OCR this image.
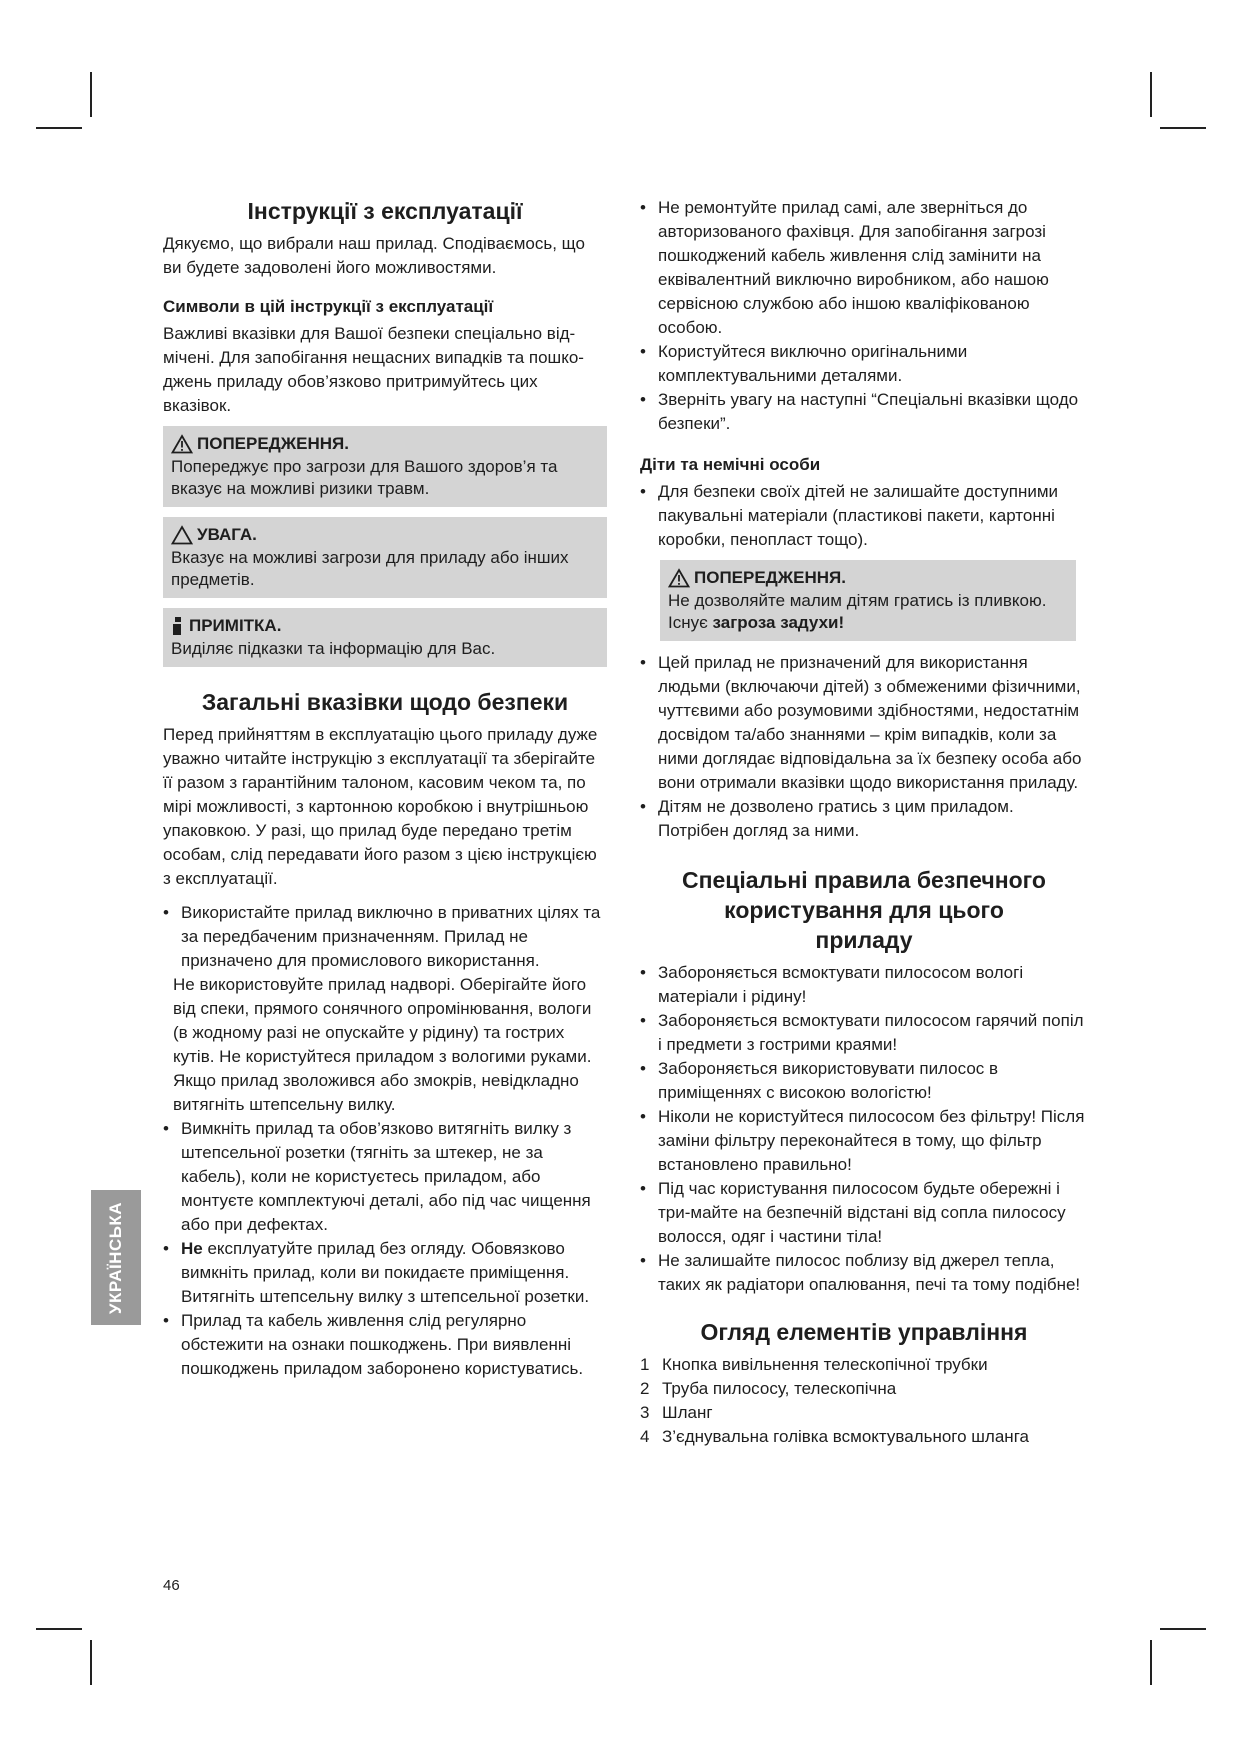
Інструкції з експлуатації

Дякуємо, що вибрали наш прилад. Сподіваємось, що ви будете задоволені його можливостями.

Символи в цій інструкції з експлуатації

Важливі вказівки для Вашої безпеки спеціально від-мічені. Для запобігання нещасних випадків та пошко-джень приладу обов’язково притримуйтесь цих вказівок.

ПОПЕРЕДЖЕННЯ.

Попереджує про загрози для Вашого здоров’я та вказує на можливі ризики травм.

УВАГА.

Вказує на можливі загрози для приладу або інших предметів.

ПРИМІТКА.

Виділяє підказки та інформацію для Вас.

Загальні вказівки щодо безпеки

Перед прийняттям в експлуатацію цього приладу дуже уважно читайте інструкцію з експлуатації та зберігайте її разом з гарантійним талоном, касовим чеком та, по мірі можливості, з картонною коробкою і внутрішньою упаковкою. У разі, що прилад буде передано третім особам, слід передавати його разом з цією інструкцією з експлуатації.

• Використайте прилад виключно в приватних цілях та за передбаченим призначенням. Прилад не призначено для промислового використання.
Не використовуйте прилад надворі. Оберігайте його від спеки, прямого сонячного опромінювання, вологи (в жодному разі не опускайте у рідину) та гострих кутів. Не користуйтеся приладом з вологими руками. Якщо прилад зволожився або змокрів, невідкладно витягніть штепсельну вилку.
• Вимкніть прилад та обов’язково витягніть вилку з штепсельної розетки (тягніть за штекер, не за кабель), коли не користуєтесь приладом, або монтуєте комплектуючі деталі, або під час чищення або при дефектах.
• Не експлуатуйте прилад без огляду. Обовязково вимкніть прилад, коли ви покидаєте приміщення. Витягніть штепсельну вилку з штепсельної розетки.
• Прилад та кабель живлення слід регулярно обстежити на ознаки пошкоджень. При виявленні пошкоджень приладом заборонено користуватись.
• Не ремонтуйте прилад самі, але зверніться до авторизованого фахівця. Для запобігання загрозі пошкоджений кабель живлення слід замінити на еквівалентний виключно виробником, або нашою сервісною службою або іншою кваліфікованою особою.
• Користуйтеся виключно оригінальними комплектувальними деталями.
• Зверніть увагу на наступні “Спеціальні вказівки щодо безпеки”.

Діти та немічні особи

• Для безпеки своїх дітей не залишайте доступними пакувальні матеріали (пластикові пакети, картонні коробки, пенопласт тощо).
ПОПЕРЕДЖЕННЯ.

Не дозволяйте малим дітям гратись із пливкою. Існує загроза задухи!

• Цей прилад не призначений для використання людьми (включаючи дітей) з обмеженими фізичними, чуттєвими або розумовими здібностями, недостатнім досвідом та/або знаннями – крім випадків, коли за ними доглядає відповідальна за їх безпеку особа або вони отримали вказівки щодо використання приладу.
• Дітям не дозволено гратись з цим приладом. Потрібен догляд за ними.

Спеціальні правила безпечного користування для цього приладу

• Забороняється всмоктувати пилососом вологі матеріали і рідину!
• Забороняється всмоктувати пилососом гарячий попіл і предмети з гострими краями!
• Забороняється використовувати пилосос в приміщеннях с високою вологістю!
• Ніколи не користуйтеся пилососом без фільтру! Після заміни фільтру переконайтеся в тому, що фільтр встановлено правильно!
• Під час користування пилососом будьте обережні і три-майте на безпечній відстані від сопла пилососу волосся, одяг і частини тіла!
• Не залишайте пилосос поблизу від джерел тепла, таких як радіатори опалювання, печі та тому подібне!

Огляд елементів управління

1 Кнопка вивільнення телескопічної трубки
2 Труба пилососу, телескопічна
3 Шланг
4 З’єднувальна голівка всмоктувального шланга
УКРАЇНСЬКА
46
